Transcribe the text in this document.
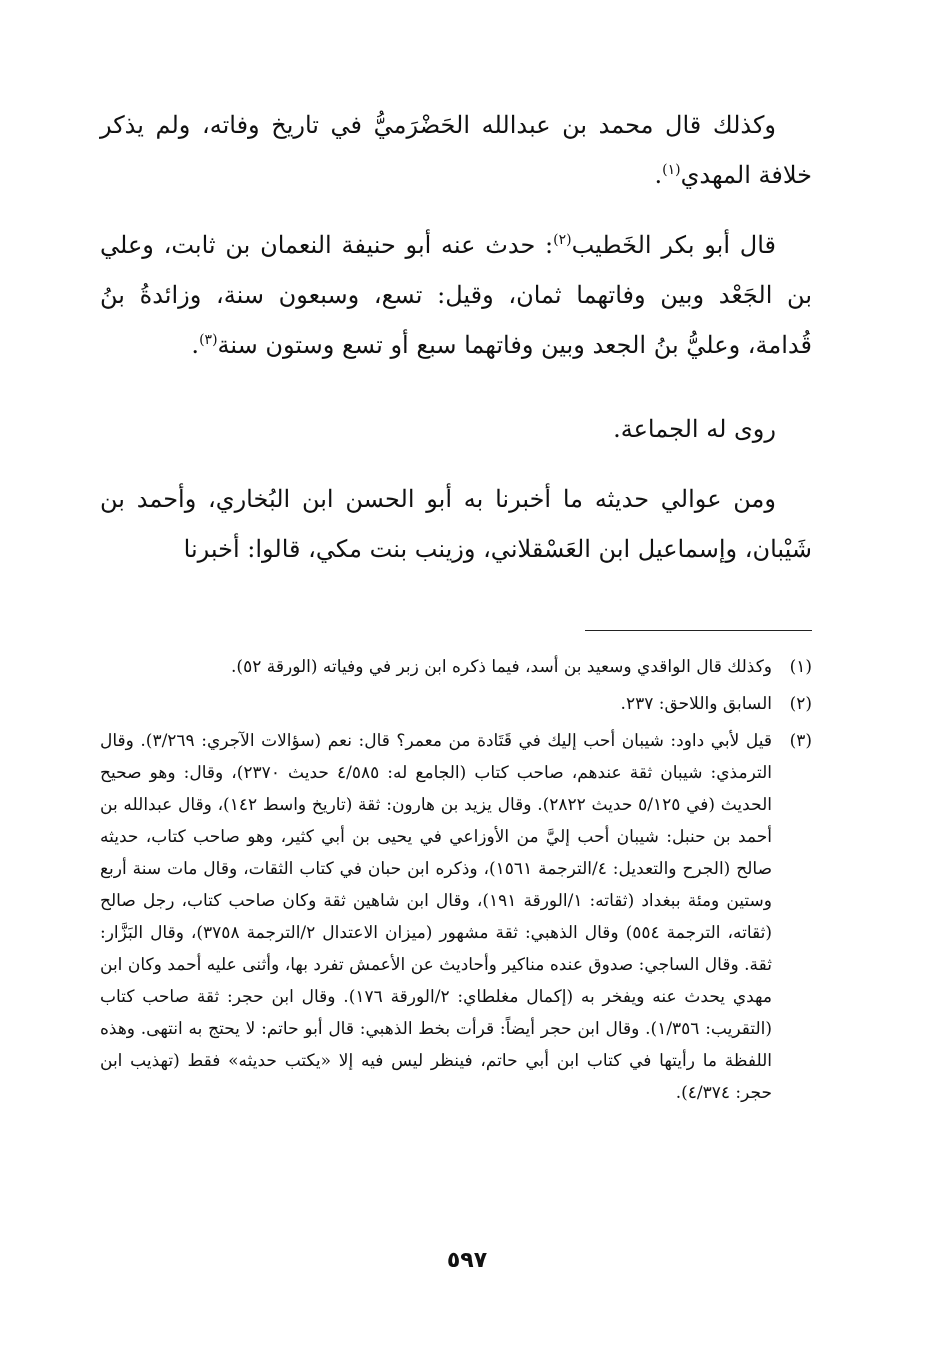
وكذلك قال محمد بن عبدالله الحَضْرَميُّ في تاريخ وفاته، ولم يذكر خلافة المهدي$^{(١)}$.

قال أبو بكر الخَطيب$^{(٢)}$: حدث عنه أبو حنيفة النعمان بن ثابت، وعلي بن الجَعْد وبين وفاتهما ثمان، وقيل: تسع، وسبعون سنة، وزائدةُ بنُ قُدامة، وعليُّ بنُ الجعد وبين وفاتهما سبع أو تسع وستون سنة$^{(٣)}$.

روى له الجماعة.

ومن عوالي حديثه ما أخبرنا به أبو الحسن ابن البُخاري، وأحمد بن شَيْبان، وإسماعيل ابن العَسْقلاني، وزينب بنت مكي، قالوا: أخبرنا

(١)
وكذلك قال الواقدي وسعيد بن أسد، فيما ذكره ابن زبر في وفياته (الورقة ٥٢).
(٢)
السابق واللاحق: ٢٣٧.
(٣)
قيل لأبي داود: شيبان أحب إليك في قَتَادة من معمر؟ قال: نعم (سؤالات الآجري: ٣/٢٦٩). وقال الترمذي: شيبان ثقة عندهم، صاحب كتاب (الجامع له: ٤/٥٨٥ حديث ٢٣٧٠)، وقال: وهو صحيح الحديث (في ٥/١٢٥ حديث ٢٨٢٢). وقال يزيد بن هارون: ثقة (تاريخ واسط ١٤٢)، وقال عبدالله بن أحمد بن حنبل: شيبان أحب إليَّ من الأوزاعي في يحيى بن أبي كثير، وهو صاحب كتاب، حديثه صالح (الجرح والتعديل: ٤/الترجمة ١٥٦١)، وذكره ابن حبان في كتاب الثقات، وقال مات سنة أربع وستين ومئة ببغداد (ثقاته: ١/الورقة ١٩١)، وقال ابن شاهين ثقة وكان صاحب كتاب، رجل صالح (ثقاته، الترجمة ٥٥٤) وقال الذهبي: ثقة مشهور (ميزان الاعتدال ٢/الترجمة ٣٧٥٨)، وقال البَزَّار: ثقة. وقال الساجي: صدوق عنده مناكير وأحاديث عن الأعمش تفرد بها، وأثنى عليه أحمد وكان ابن مهدي يحدث عنه ويفخر به (إكمال مغلطاي: ٢/الورقة ١٧٦). وقال ابن حجر: ثقة صاحب كتاب (التقريب: ١/٣٥٦). وقال ابن حجر أيضاً: قرأت بخط الذهبي: قال أبو حاتم: لا يحتج به انتهى. وهذه اللفظة ما رأيتها في كتاب ابن أبي حاتم، فينظر ليس فيه إلا «يكتب حديثه» فقط (تهذيب ابن حجر: ٤/٣٧٤).
٥٩٧
